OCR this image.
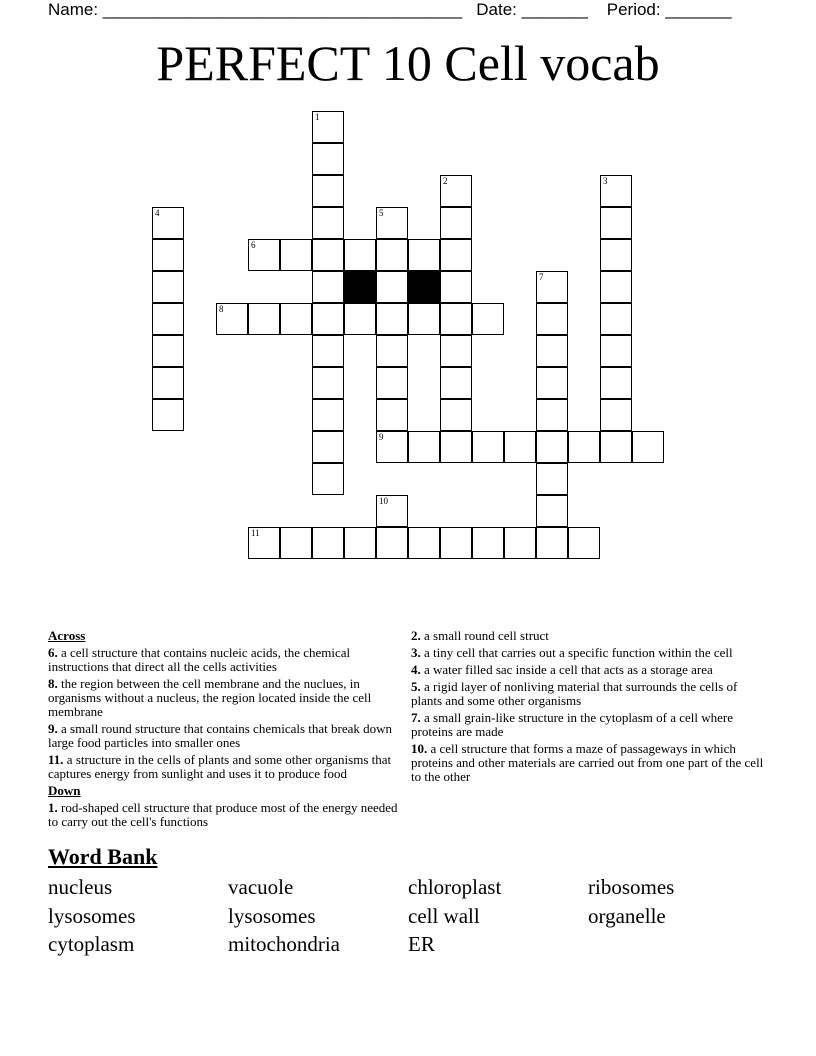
Name: ______________________________________ Date: _______ Period: _______
PERFECT 10 Cell vocab
1
2	3
4	5
6
7
8
9
10
11
Across
6. a cell structure that contains nucleic acids, the chemical instructions that direct all the cells activities
8. the region between the cell membrane and the nuclues, in organisms without a nucleus, the region located inside the cell membrane
9. a small round structure that contains chemicals that break down large food particles into smaller ones
11. a structure in the cells of plants and some other organisms that captures energy from sunlight and uses it to produce food
Down
1. rod-shaped cell structure that produce most of the energy needed to carry out the cell's functions
2. a small round cell struct
3. a tiny cell that carries out a specific function within the cell
4. a water filled sac inside a cell that acts as a storage area
5. a rigid layer of nonliving material that surrounds the cells of plants and some other organisms
7. a small grain-like structure in the cytoplasm of a cell where proteins are made
10. a cell structure that forms a maze of passageways in which proteins and other materials are carried out from one part of the cell to the other
Word Bank
nucleus	vacuole	chloroplast	ribosomes
lysosomes	lysosomes	cell wall	organelle
cytoplasm	mitochondria	ER
